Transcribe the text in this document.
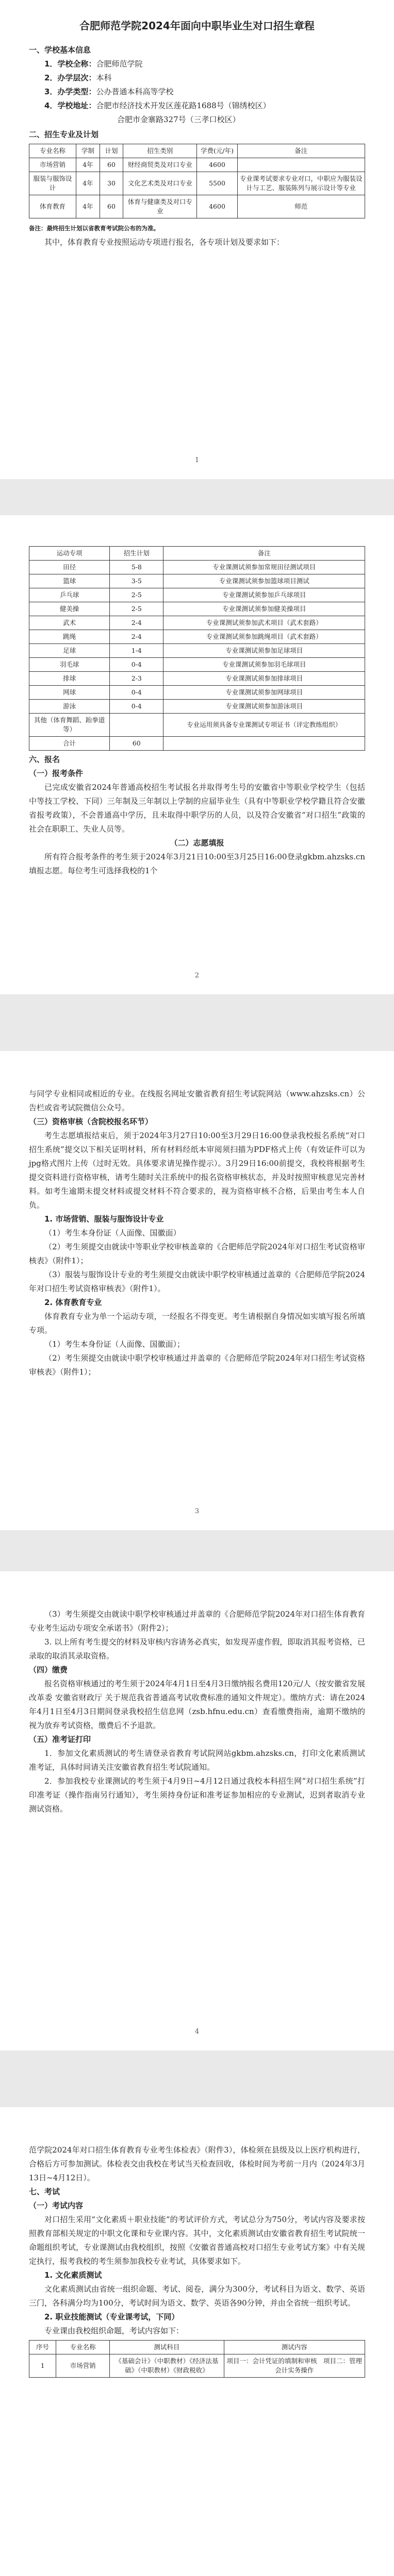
合肥师范学院2024年面向中职毕业生对口招生章程

一、学校基本信息

1．学校全称：合肥师范学院

2．办学层次：本科

3．办学类型：公办普通本科高等学校

4．学校地址：合肥市经济技术开发区莲花路1688号（锦绣校区）

合肥市金寨路327号（三孝口校区）

二、招生专业及计划

专业名称	学制	计划	招生类别	学费(元/年)	备注
市场营销	4年	60	财经商贸类及对口专业	4600	
服装与服饰设计	4年	30	文化艺术类及对口专业	5500	专业课考试要求专业对口，中职应为服装设计与工艺、服装陈列与展示设计等专业
体育教育	4年	60	体育与健康类及对口专业	4600	师范

备注：最终招生计划以省教育考试院公布的为准。

其中，体育教育专业按照运动专项进行报名，各专项计划及要求如下：

1
运动专项	招生计划	备注
田径	5-8	专业课测试须参加常规田径测试项目
篮球	3-5	专业课测试须参加篮球项目测试
乒乓球	2-5	专业课测试须参加乒乓球项目
健美操	2-5	专业课测试须参加健美操项目
武术	2-4	专业课测试须参加武术项目（武术套路）
跳绳	2-4	专业课测试须参加跳绳项目（武术套路）
足球	1-4	专业课测试须参加足球项目
羽毛球	0-4	专业课测试须参加羽毛球项目
排球	2-3	专业课测试须参加排球项目
网球	0-4	专业课测试须参加网球项目
游泳	0-4	专业课测试须参加游泳项目
其他（体育舞蹈、跆拳道等）		专业运用须具备专业课测试专项证书（评定教练组织）
合计	60	

六、报名

（一）报考条件

已完成安徽省2024年普通高校招生考试报名并取得考生号的安徽省中等职业学校学生（包括中等技工学校、下同）三年制及三年制以上学制的应届毕业生（具有中等职业学校学籍且符合安徽省报考政策），不会普通高中学历，且未取得中职学历的人员，以及符合安徽省“对口招生”政策的社会在职职工、失业人员等。

（二）志愿填报

所有符合报考条件的考生须于2024年3月21日10:00至3月25日16:00登录gkbm.ahzsks.cn填报志愿。每位考生可选择我校的1个

2

与同学专业相同或相近的专业。在线报名网址安徽省教育招生考试院网站（www.ahzsks.cn）公告栏或省考试院微信公众号。

（三）资格审核（含院校报名环节）

考生志愿填报结束后，须于2024年3月27日10:00至3月29日16:00登录我校报名系统“对口招生系统”提交以下相关证明材料，所有材料经纸本审阅须扫描为PDF格式上传（有效证件可以为jpg格式图片上传（过时无效。具体要求请见操作提示）。3月29日16:00前提交，我校将根据考生提交资料进行资格审核，请考生随时关注系统中的报名资格审核状态，并及时按照审核意见完善材料。如考生逾期未提交材料或提交材料不符合要求的，视为资格审核不合格，后果由考生本人自负。

1. 市场营销、服装与服饰设计专业

（1）考生本身份证（人面像、国徽面）

（2）考生须提交由就读中等职业学校审核盖章的《合肥师范学院2024年对口招生考试资格审核表》（附件1）；

（3）服装与服饰设计专业的考生须提交由就读中职学校审核通过盖章的《合肥师范学院2024年对口招生考试资格审核表》（附件1）。

2. 体育教育专业

体育教育专业为单一个运动专项，一经报名不得变更。考生请根据自身情况如实填写报名所填专项。

（1）考生本身份证（人面像、国徽面）；

（2）考生须提交由就读中职学校审核通过并盖章的《合肥师范学院2024年对口招生考试资格审核表》（附件1）；

3

（3）考生须提交由就读中职学校审核通过并盖章的《合肥师范学院2024年对口招生体育教育专业考生运动专项安全承诺书》（附件2）；

3. 以上所有考生提交的材料及审核内容请务必真实，如发现弄虚作假，即取消其报考资格，已录取的取消其录取资格。

（四）缴费

报名资格审核通过的考生须于2024年4月1日至4月3日缴纳报名费用120元/人（按安徽省发展改革委 安徽省财政厅 关于规范我省普通高考试收费标准的通知文件规定）。缴纳方式：请在2024年4月1日至4月3日期间登录我校招生信息网（zsb.hfnu.edu.cn）查看缴费指南，逾期不缴纳的视为放弃考试资格，缴费后不予退款。

（五）准考证打印

1．参加文化素质测试的考生请登录省教育考试院网站gkbm.ahzsks.cn，打印文化素质测试准考证，具体时间请关注安徽省教育招生考试院通知。

2．参加我校专业课测试的考生须于4月9日~4月12日通过我校本科招生网“对口招生系统”打印准考证（操作指南另行通知），考生须持身份证和准考证参加相应的专业测试，迟到者取消专业测试资格。

4

范学院2024年对口招生体育教育专业考生体检表》（附件3），体检须在县级及以上医疗机构进行，合格后方可参加测试。体检表交由我校在考试当天检查回收，体检时间为考前一月内（2024年3月13日~4月12日）。

七、考试

（一）考试内容

对口招生采用“文化素质＋职业技能”的考试评价方式，考试总分为750分，考试内容及要求按照教育部相关规定的中职文化课和专业课内容。其中，文化素质测试由安徽省教育招生考试院统一命题组织考试，专业课测试由我校组织，按照《安徽省普通高校对口招生专业考试方案》中有关规定执行，报考我校的考生须参加我校专业考试，具体要求如下。

1. 文化素质测试

文化素质测试由省统一组织命题、考试、阅卷，满分为300分，考试科目为语文、数学、英语三门，各科满分均为100分，考试时间为语文、数学、英语各90分钟，并由全省统一组织考试。

2. 职业技能测试（专业课考试，下同）

专业课由我校组织命题，考试内容如下：

序号	专业名称	测试科目	测试内容
1	市场营销	《基础会计》（中职教材）《经济法基础》（中职教材）《财政税收》	项目一：会计凭证的填制和审核　项目二：管理会计实务操作
